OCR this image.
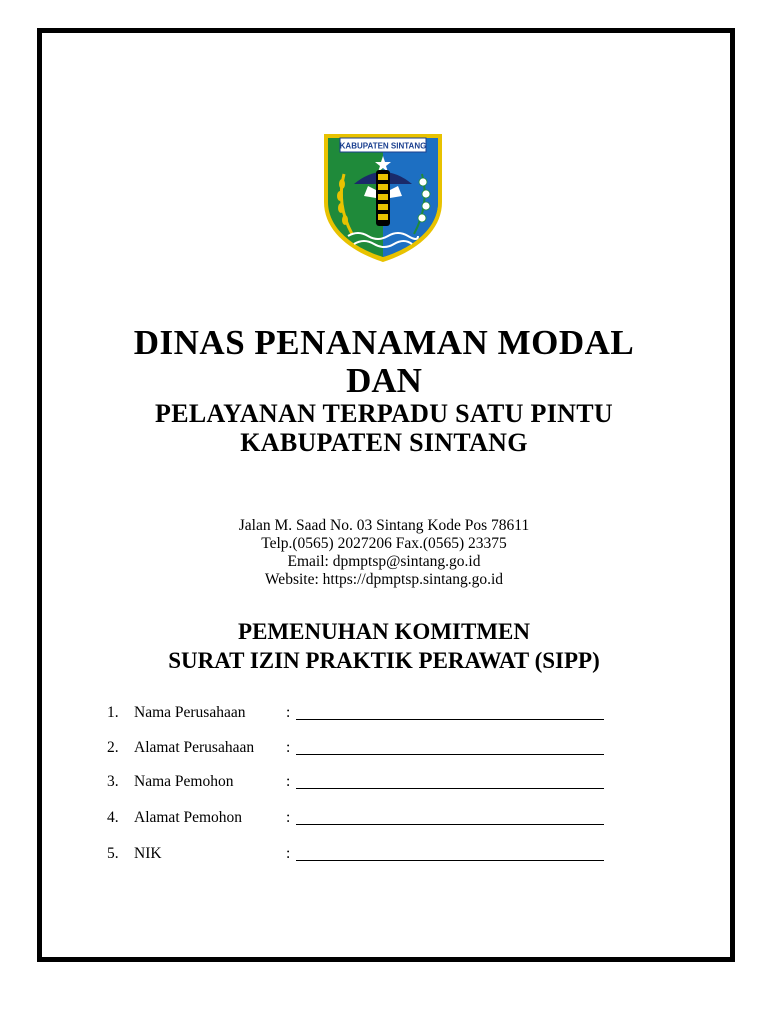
KABUPATEN SINTANG
DINAS PENANAMAN MODAL
DAN
PELAYANAN TERPADU SATU PINTU
KABUPATEN SINTANG
Jalan M. Saad No. 03 Sintang Kode Pos 78611
Telp.(0565) 2027206 Fax.(0565) 23375
Email: dpmptsp@sintang.go.id
Website: https://dpmptsp.sintang.go.id
PEMENUHAN KOMITMEN
SURAT IZIN PRAKTIK PERAWAT (SIPP)
1. Nama Perusahaan	:
2. Alamat Perusahaan :
3. Nama Pemohon	:
4. Alamat Pemohon	:
5. NIK	:
